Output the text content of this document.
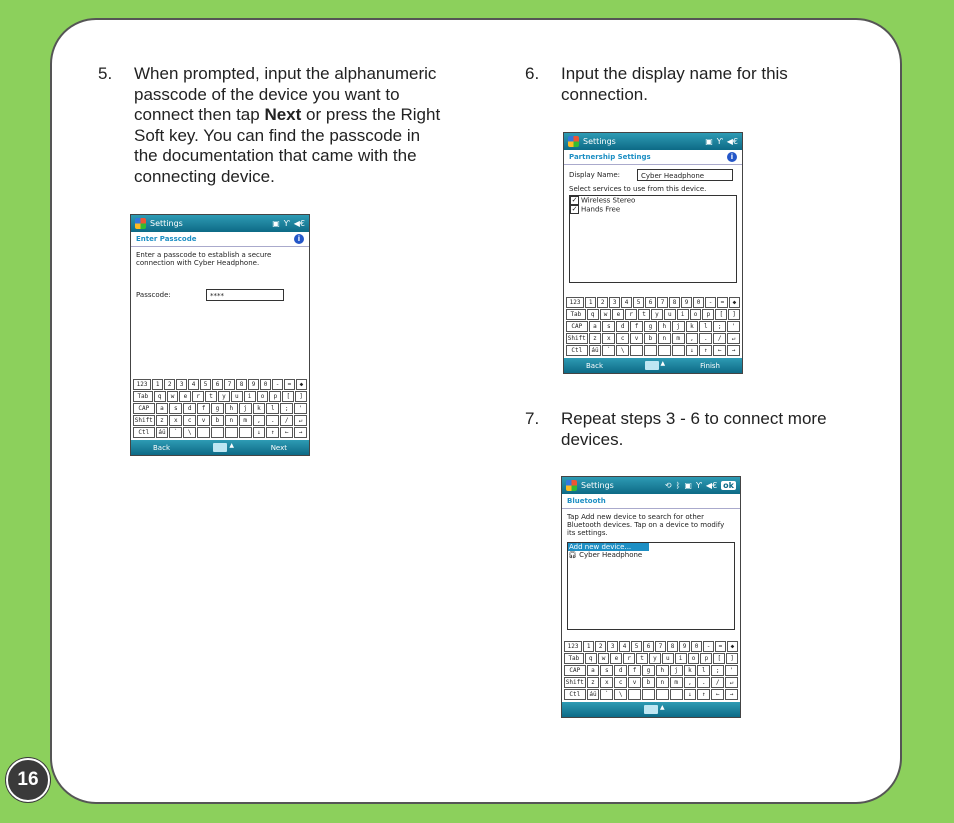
5. When prompted, input the alphanumeric passcode of the device you want to connect then tap Next or press the Right Soft key. You can find the passcode in the documentation that came with the connecting device.
6. Input the display name for this connection.
7. Repeat steps 3 - 6 to connect more devices.
Settings	▣ Ƴ ◀€
Enter Passcode	i
Enter a passcode to establish a secure connection with Cyber Headphone.
Passcode:	****
123	1	2	3	4	5	6	7	8	9	0	-	=	◆
Tab	q	w	e	r	t	y	u	i	o	p	[	]
CAP	a	s	d	f	g	h	j	k	l	;	'
Shift	z	x	c	v	b	n	m	,	.	/	↵
Ctl	áü	`	\	↓	↑	←	→
Back ▲	Next
Settings	▣ Ƴ ◀€
Partnership Settings	i
Display Name:	Cyber Headphone
Select services to use from this device.
✓ Wireless Stereo
✓ Hands Free
123	1	2	3	4	5	6	7	8	9	0	-	=	◆
Tab	q	w	e	r	t	y	u	i	o	p	[	]
CAP	a	s	d	f	g	h	j	k	l	;	'
Shift	z	x	c	v	b	n	m	,	.	/	↵
Ctl	áü	`	\	↓	↑	←	→
Back ▲	Finish
Settings	⟲ ᛒ ▣ Ƴ ◀€ ok
Bluetooth
Tap Add new device to search for other Bluetooth devices. Tap on a device to modify its settings.
Add new device...
🎧︎ Cyber Headphone
123	1	2	3	4	5	6	7	8	9	0	-	=	◆
Tab	q	w	e	r	t	y	u	i	o	p	[	]
CAP	a	s	d	f	g	h	j	k	l	;	'
Shift	z	x	c	v	b	n	m	,	.	/	↵
Ctl	áü	`	\	↓	↑	←	→
▲
16
